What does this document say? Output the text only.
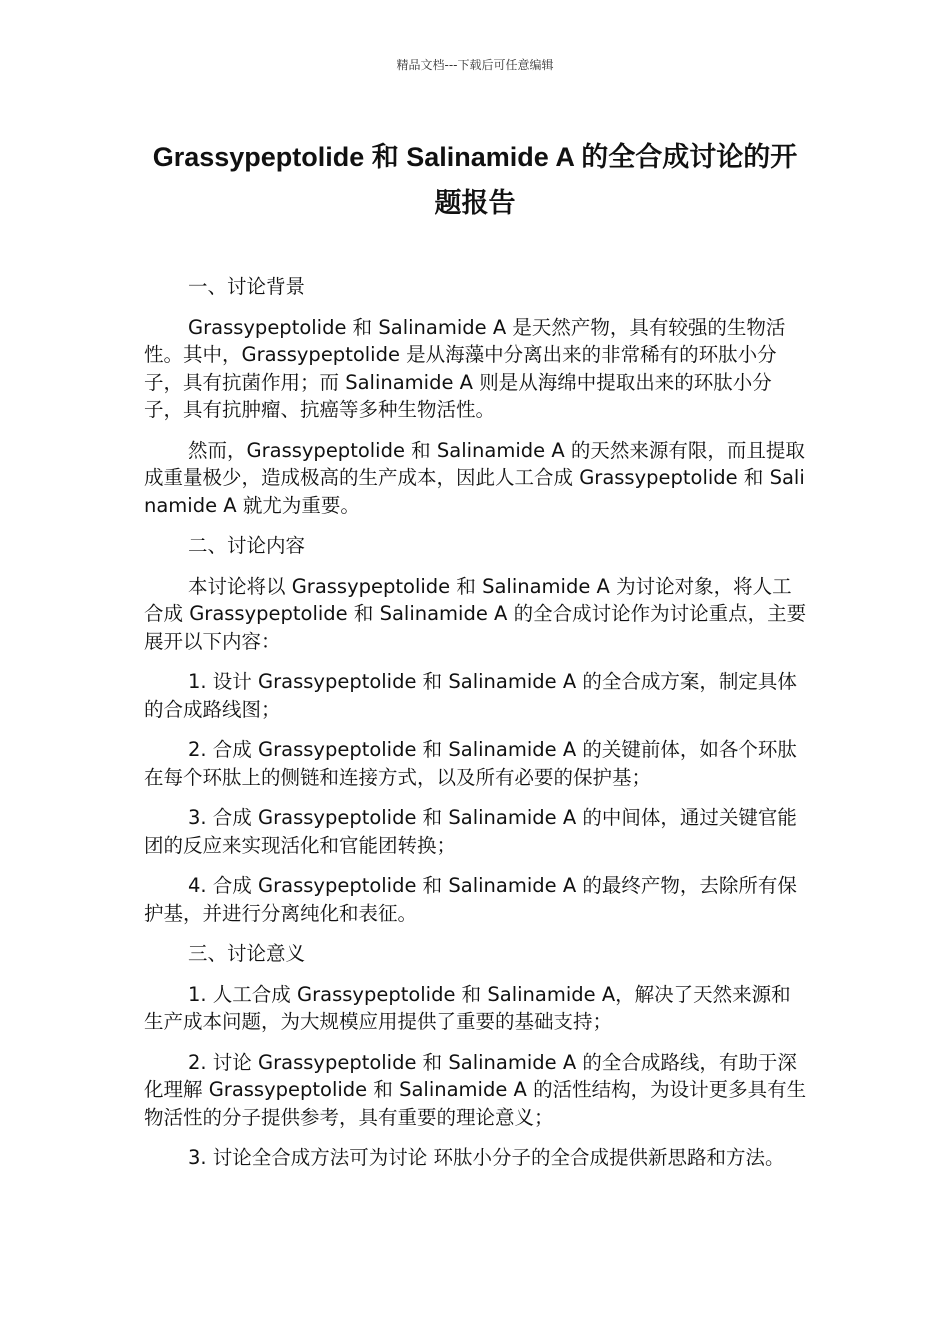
精品文档---下载后可任意编辑
Grassypeptolide 和 Salinamide A 的全合成讨论的开题报告

一、讨论背景

Grassypeptolide 和 Salinamide A 是天然产物，具有较强的生物活性。其中，Grassypeptolide 是从海藻中分离出来的非常稀有的环肽小分子，具有抗菌作用；而 Salinamide A 则是从海绵中提取出来的环肽小分子，具有抗肿瘤、抗癌等多种生物活性。

然而，Grassypeptolide 和 Salinamide A 的天然来源有限，而且提取成重量极少，造成极高的生产成本，因此人工合成 Grassypeptolide 和 Salinamide A 就尤为重要。

二、讨论内容

本讨论将以 Grassypeptolide 和 Salinamide A 为讨论对象，将人工合成 Grassypeptolide 和 Salinamide A 的全合成讨论作为讨论重点，主要展开以下内容：

1. 设计 Grassypeptolide 和 Salinamide A 的全合成方案，制定具体的合成路线图；

2. 合成 Grassypeptolide 和 Salinamide A 的关键前体，如各个环肽在每个环肽上的侧链和连接方式，以及所有必要的保护基；

3. 合成 Grassypeptolide 和 Salinamide A 的中间体，通过关键官能团的反应来实现活化和官能团转换；

4. 合成 Grassypeptolide 和 Salinamide A 的最终产物，去除所有保护基，并进行分离纯化和表征。

三、讨论意义

1. 人工合成 Grassypeptolide 和 Salinamide A，解决了天然来源和生产成本问题，为大规模应用提供了重要的基础支持；

2. 讨论 Grassypeptolide 和 Salinamide A 的全合成路线，有助于深化理解 Grassypeptolide 和 Salinamide A 的活性结构，为设计更多具有生物活性的分子提供参考，具有重要的理论意义；

3. 讨论全合成方法可为讨论 环肽小分子的全合成提供新思路和方法。
